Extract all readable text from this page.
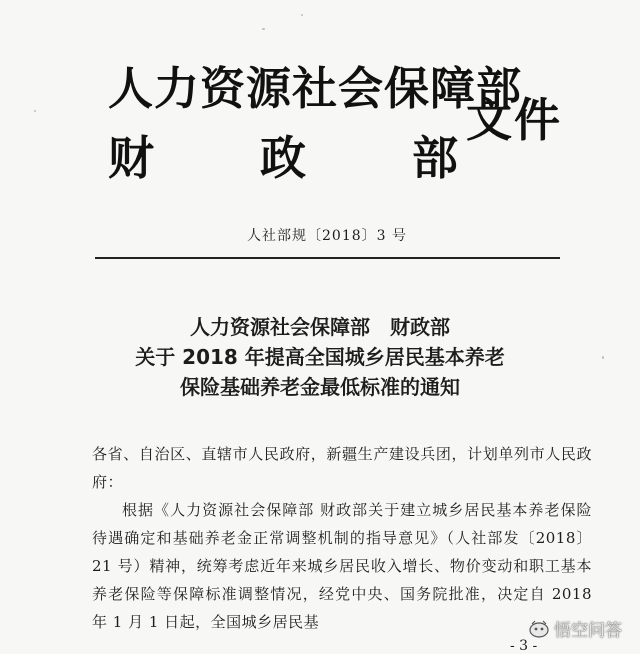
人力资源社会保障部
财 政 部
文件
人社部规〔2018〕3 号
人力资源社会保障部　财政部
关于 2018 年提高全国城乡居民基本养老
保险基础养老金最低标准的通知

各省、自治区、直辖市人民政府，新疆生产建设兵团，计划单列市人民政府：

根据《人力资源社会保障部 财政部关于建立城乡居民基本养老保险待遇确定和基础养老金正常调整机制的指导意见》（人社部发〔2018〕21 号）精神，统筹考虑近年来城乡居民收入增长、物价变动和职工基本养老保险等保障标准调整情况，经党中央、国务院批准，决定自 2018 年 1 月 1 日起，全国城乡居民基

- 3 -
悟空问答
